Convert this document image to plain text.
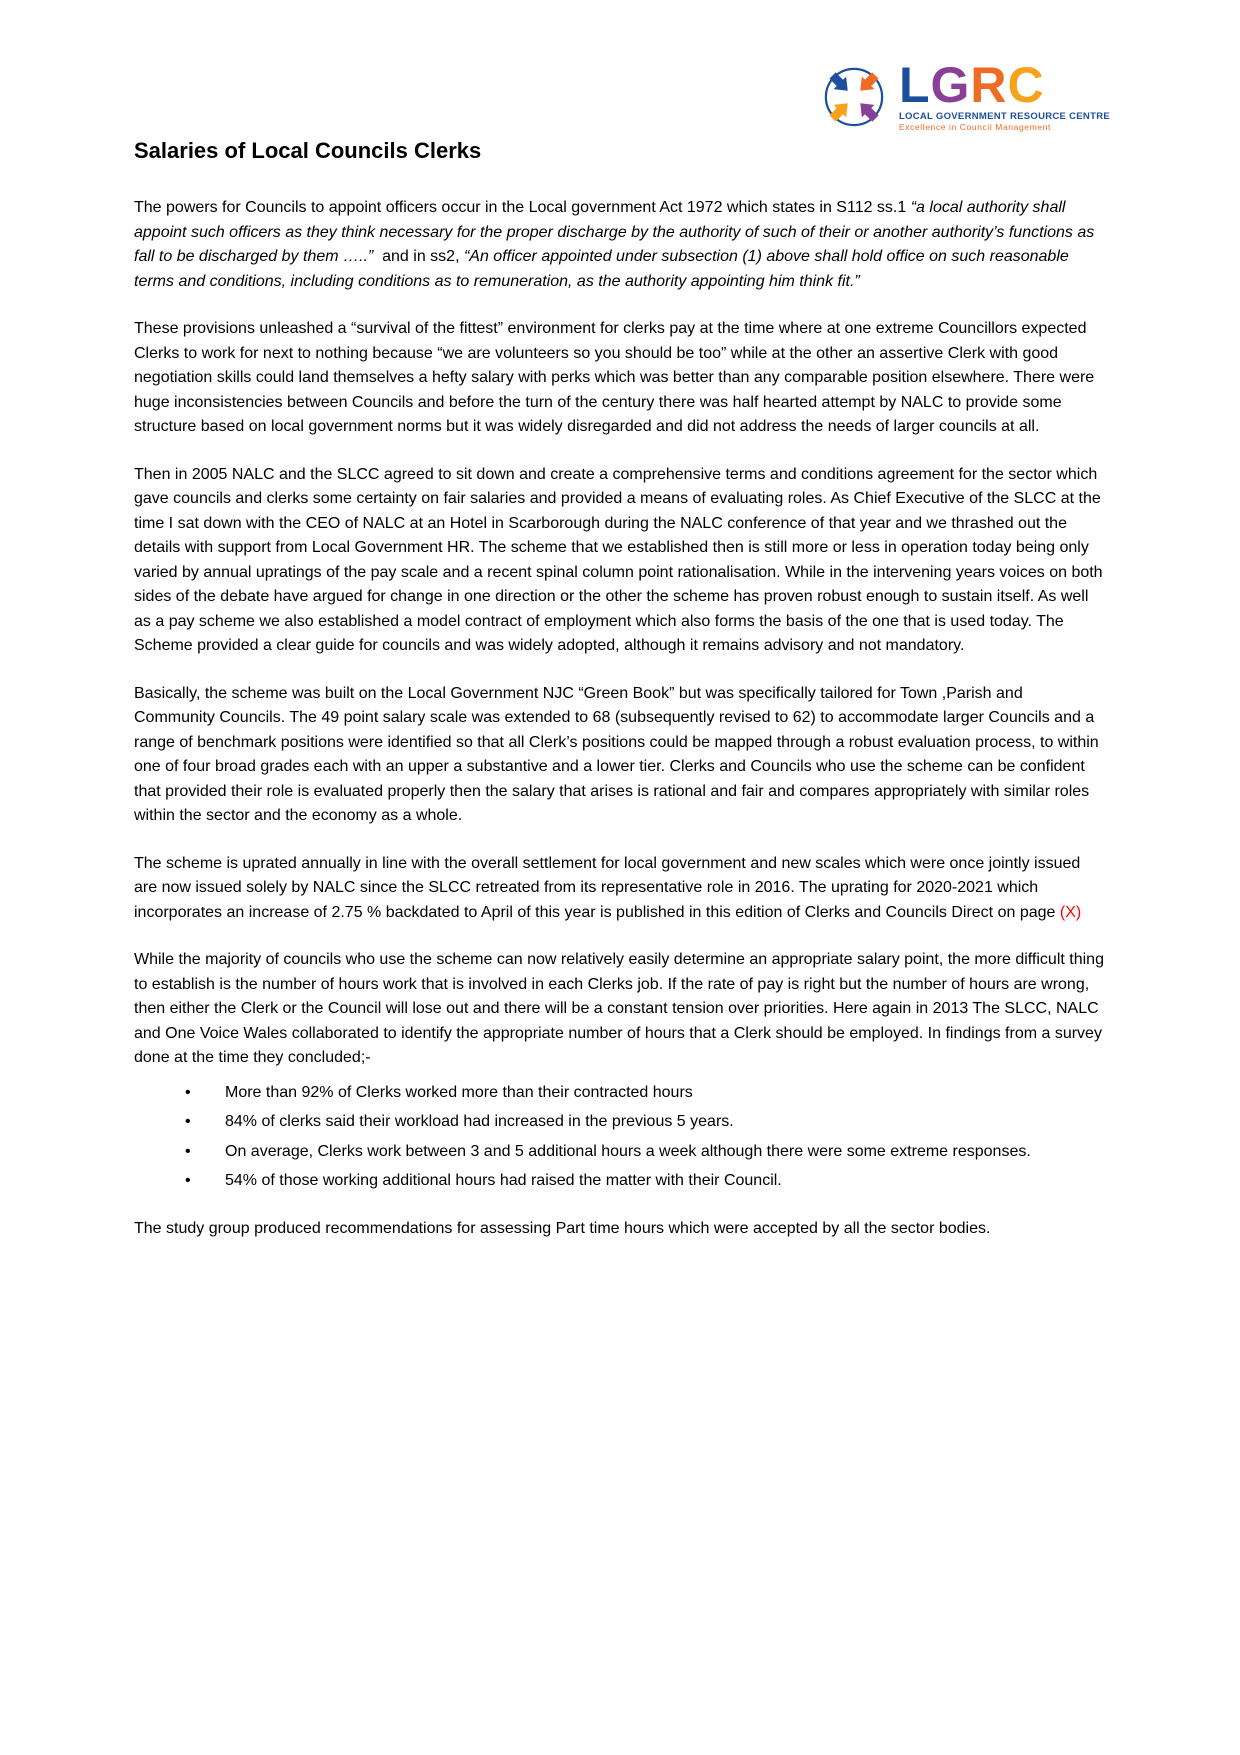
LGRC
LOCAL GOVERNMENT RESOURCE CENTRE
Excellence in Council Management
Salaries of Local Councils Clerks

The powers for Councils to appoint officers occur in the Local government Act 1972 which states in S112 ss.1 “a local authority shall appoint such officers as they think necessary for the proper discharge by the authority of such of their or another authority’s functions as fall to be discharged by them …..”  and in ss2, “An officer appointed under subsection (1) above shall hold office on such reasonable terms and conditions, including conditions as to remuneration, as the authority appointing him think fit.”

These provisions unleashed a “survival of the fittest” environment for clerks pay at the time where at one extreme Councillors expected Clerks to work for next to nothing because “we are volunteers so you should be too” while at the other an assertive Clerk with good negotiation skills could land themselves a hefty salary with perks which was better than any comparable position elsewhere. There were huge inconsistencies between Councils and before the turn of the century there was half hearted attempt by NALC to provide some structure based on local government norms but it was widely disregarded and did not address the needs of larger councils at all.

Then in 2005 NALC and the SLCC agreed to sit down and create a comprehensive terms and conditions agreement for the sector which gave councils and clerks some certainty on fair salaries and provided a means of evaluating roles. As Chief Executive of the SLCC at the time I sat down with the CEO of NALC at an Hotel in Scarborough during the NALC conference of that year and we thrashed out the details with support from Local Government HR. The scheme that we established then is still more or less in operation today being only varied by annual upratings of the pay scale and a recent spinal column point rationalisation. While in the intervening years voices on both sides of the debate have argued for change in one direction or the other the scheme has proven robust enough to sustain itself. As well as a pay scheme we also established a model contract of employment which also forms the basis of the one that is used today. The Scheme provided a clear guide for councils and was widely adopted, although it remains advisory and not mandatory.

Basically, the scheme was built on the Local Government NJC “Green Book” but was specifically tailored for Town ,Parish and Community Councils. The 49 point salary scale was extended to 68 (subsequently revised to 62) to accommodate larger Councils and a range of benchmark positions were identified so that all Clerk’s positions could be mapped through a robust evaluation process, to within one of four broad grades each with an upper a substantive and a lower tier. Clerks and Councils who use the scheme can be confident that provided their role is evaluated properly then the salary that arises is rational and fair and compares appropriately with similar roles within the sector and the economy as a whole.

The scheme is uprated annually in line with the overall settlement for local government and new scales which were once jointly issued are now issued solely by NALC since the SLCC retreated from its representative role in 2016. The uprating for 2020-2021 which incorporates an increase of 2.75 % backdated to April of this year is published in this edition of Clerks and Councils Direct on page (X)

While the majority of councils who use the scheme can now relatively easily determine an appropriate salary point, the more difficult thing to establish is the number of hours work that is involved in each Clerks job. If the rate of pay is right but the number of hours are wrong, then either the Clerk or the Council will lose out and there will be a constant tension over priorities. Here again in 2013 The SLCC, NALC and One Voice Wales collaborated to identify the appropriate number of hours that a Clerk should be employed. In findings from a survey done at the time they concluded;-

• More than 92% of Clerks worked more than their contracted hours
• 84% of clerks said their workload had increased in the previous 5 years.
• On average, Clerks work between 3 and 5 additional hours a week although there were some extreme responses.
• 54% of those working additional hours had raised the matter with their Council.

The study group produced recommendations for assessing Part time hours which were accepted by all the sector bodies.
